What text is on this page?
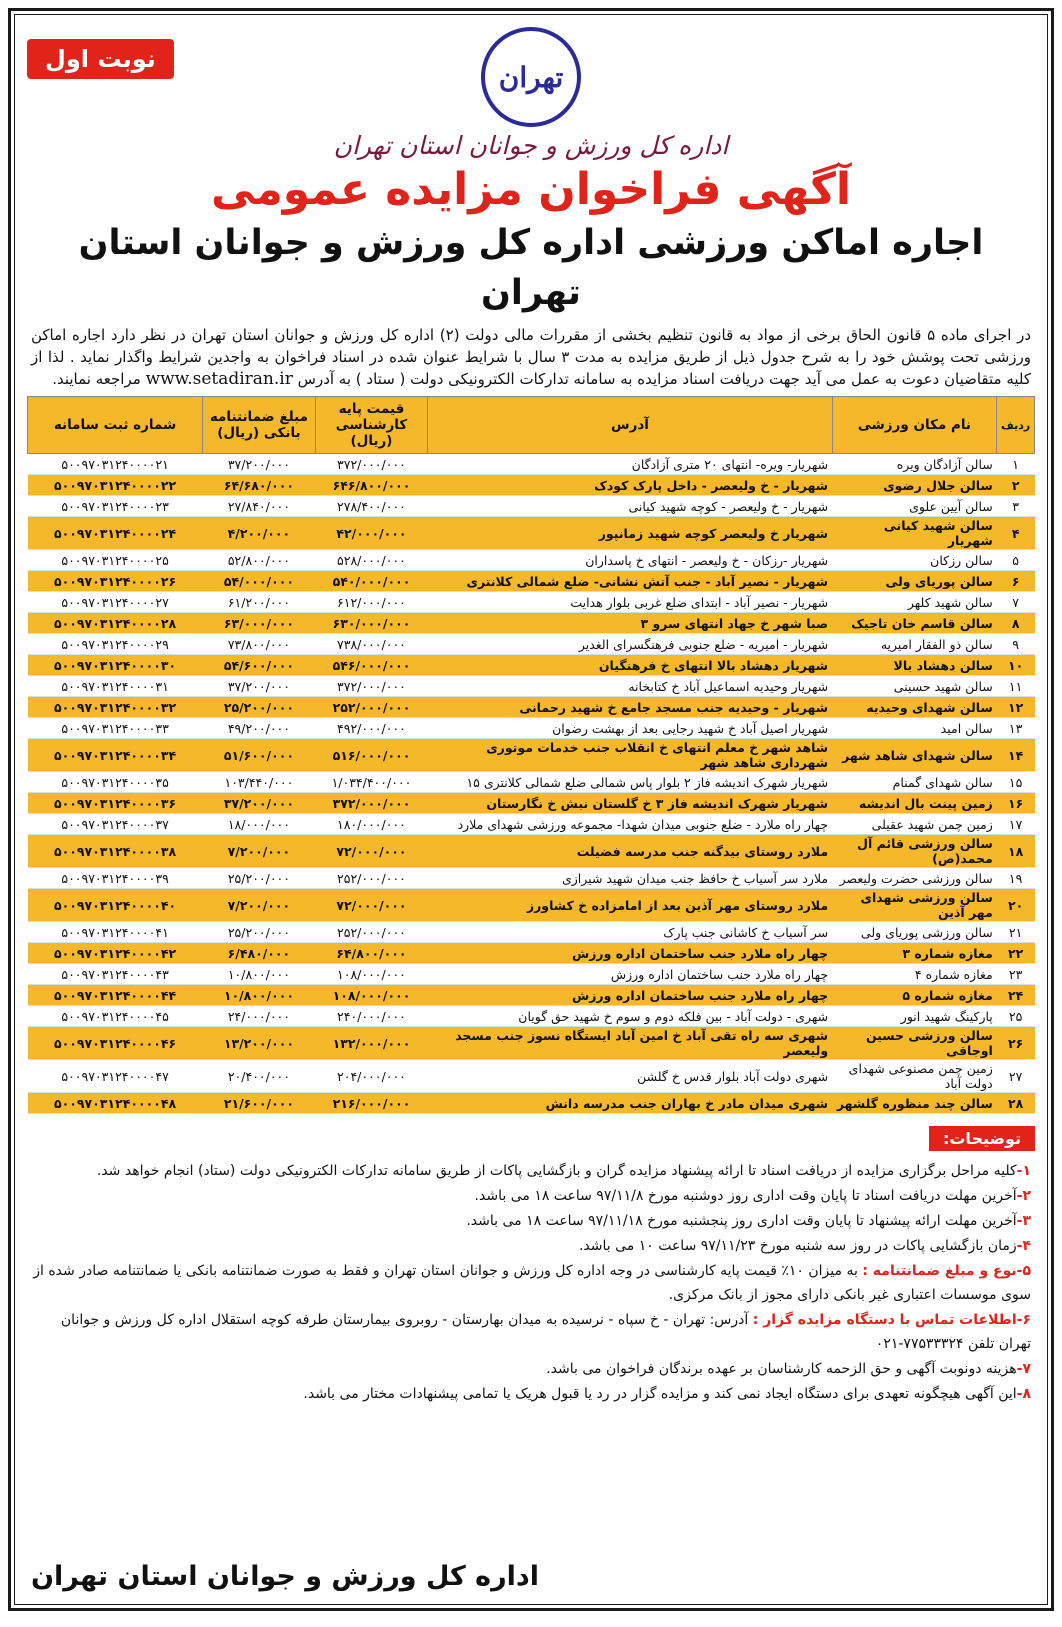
نوبت اول
تهران
اداره کل ورزش و جوانان استان تهران
آگهی فراخوان مزایده عمومی
اجاره اماکن ورزشی اداره کل ورزش و جوانان استان تهران

در اجرای ماده ۵ قانون الحاق برخی از مواد به قانون تنظیم بخشی از مقررات مالی دولت (۲) اداره کل ورزش و جوانان استان تهران در نظر دارد اجاره اماکن ورزشی تحت پوشش خود را به شرح جدول ذیل از طریق مزایده به مدت ۳ سال با شرایط عنوان شده در اسناد فراخوان به واجدین شرایط واگذار نماید . لذا از کلیه متقاضیان دعوت به عمل می آید جهت دریافت اسناد مزایده به سامانه تدارکات الکترونیکی دولت ( ستاد ) به آدرس www.setadiran.ir مراجعه نمایند.

ردیف	نام مکان ورزشی	آدرس	قیمت پایه کارشناسی (ریال)	مبلغ ضمانتنامه بانکی (ریال)	شماره ثبت سامانه
۱	سالن آزادگان ویره	شهریار- ویره- انتهای ۲۰ متری آزادگان	۳۷۲/۰۰۰/۰۰۰	۳۷/۲۰۰/۰۰۰	۵۰۰۹۷۰۳۱۲۴۰۰۰۰۲۱
۲	سالن جلال رضوی	شهریار - خ ولیعصر - داخل پارک کودک	۶۴۶/۸۰۰/۰۰۰	۶۴/۶۸۰/۰۰۰	۵۰۰۹۷۰۳۱۲۴۰۰۰۰۲۲
۳	سالن آیین علوی	شهریار - خ ولیعصر - کوچه شهید کیانی	۲۷۸/۴۰۰/۰۰۰	۲۷/۸۴۰/۰۰۰	۵۰۰۹۷۰۳۱۲۴۰۰۰۰۲۳
۴	سالن شهید کیانی شهریار	شهریار خ ولیعصر کوچه شهید زمانپور	۴۲/۰۰۰/۰۰۰	۴/۲۰۰/۰۰۰	۵۰۰۹۷۰۳۱۲۴۰۰۰۰۲۴
۵	سالن رزکان	شهریار -رزکان - خ ولیعصر - انتهای خ پاسداران	۵۲۸/۰۰۰/۰۰۰	۵۲/۸۰۰/۰۰۰	۵۰۰۹۷۰۳۱۲۴۰۰۰۰۲۵
۶	سالن پوریای ولی	شهریار - نصیر آباد - جنب آتش نشانی- ضلع شمالی کلانتری	۵۴۰/۰۰۰/۰۰۰	۵۴/۰۰۰/۰۰۰	۵۰۰۹۷۰۳۱۲۴۰۰۰۰۲۶
۷	سالن شهید کلهر	شهریار - نصیر آباد - ابتدای ضلع غربی بلوار هدایت	۶۱۲/۰۰۰/۰۰۰	۶۱/۲۰۰/۰۰۰	۵۰۰۹۷۰۳۱۲۴۰۰۰۰۲۷
۸	سالن قاسم خان تاجیک	صبا شهر خ جهاد انتهای سرو ۳	۶۳۰/۰۰۰/۰۰۰	۶۳/۰۰۰/۰۰۰	۵۰۰۹۷۰۳۱۲۴۰۰۰۰۲۸
۹	سالن ذو الفقار امیریه	شهریار - امیریه - ضلع جنوبی فرهنگسرای الغدیر	۷۳۸/۰۰۰/۰۰۰	۷۳/۸۰۰/۰۰۰	۵۰۰۹۷۰۳۱۲۴۰۰۰۰۲۹
۱۰	سالن دهشاد بالا	شهریار دهشاد بالا انتهای خ فرهنگیان	۵۴۶/۰۰۰/۰۰۰	۵۴/۶۰۰/۰۰۰	۵۰۰۹۷۰۳۱۲۴۰۰۰۰۳۰
۱۱	سالن شهید حسینی	شهریار وحیدیه اسماعیل آباد خ کتابخانه	۳۷۲/۰۰۰/۰۰۰	۳۷/۲۰۰/۰۰۰	۵۰۰۹۷۰۳۱۲۴۰۰۰۰۳۱
۱۲	سالن شهدای وحیدیه	شهریار - وحیدیه جنب مسجد جامع خ شهید رحمانی	۲۵۲/۰۰۰/۰۰۰	۲۵/۲۰۰/۰۰۰	۵۰۰۹۷۰۳۱۲۴۰۰۰۰۳۲
۱۳	سالن امید	شهریار اصیل آباد خ شهید رجایی بعد از بهشت رضوان	۴۹۲/۰۰۰/۰۰۰	۴۹/۲۰۰/۰۰۰	۵۰۰۹۷۰۳۱۲۴۰۰۰۰۳۳
۱۴	سالن شهدای شاهد شهر	شاهد شهر خ معلم انتهای خ انقلاب جنب خدمات موتوری شهرداری شاهد شهر	۵۱۶/۰۰۰/۰۰۰	۵۱/۶۰۰/۰۰۰	۵۰۰۹۷۰۳۱۲۴۰۰۰۰۳۴
۱۵	سالن شهدای گمنام	شهریار شهرک اندیشه فاز ۲ بلوار پاس شمالی ضلع شمالی کلانتری ۱۵	۱/۰۳۴/۴۰۰/۰۰۰	۱۰۳/۴۴۰/۰۰۰	۵۰۰۹۷۰۳۱۲۴۰۰۰۰۳۵
۱۶	زمین پینت بال اندیشه	شهریار شهرک اندیشه فاز ۳ خ گلستان نبش خ نگارستان	۳۷۲/۰۰۰/۰۰۰	۳۷/۲۰۰/۰۰۰	۵۰۰۹۷۰۳۱۲۴۰۰۰۰۳۶
۱۷	زمین چمن شهید عقیلی	چهار راه ملارد - ضلع جنوبی میدان شهدا- مجموعه ورزشی شهدای ملارد	۱۸۰/۰۰۰/۰۰۰	۱۸/۰۰۰/۰۰۰	۵۰۰۹۷۰۳۱۲۴۰۰۰۰۳۷
۱۸	سالن ورزشی قائم آل محمد(ص)	ملارد روستای بیدگنه جنب مدرسه فضیلت	۷۲/۰۰۰/۰۰۰	۷/۲۰۰/۰۰۰	۵۰۰۹۷۰۳۱۲۴۰۰۰۰۳۸
۱۹	سالن ورزشی حضرت ولیعصر	ملارد سر آسیاب خ حافظ جنب میدان شهید شیرازی	۲۵۲/۰۰۰/۰۰۰	۲۵/۲۰۰/۰۰۰	۵۰۰۹۷۰۳۱۲۴۰۰۰۰۳۹
۲۰	سالن ورزشی شهدای مهر آذین	ملارد روستای مهر آذین بعد از امامزاده خ کشاورز	۷۲/۰۰۰/۰۰۰	۷/۲۰۰/۰۰۰	۵۰۰۹۷۰۳۱۲۴۰۰۰۰۴۰
۲۱	سالن ورزشی پوریای ولی	سر آسیاب خ کاشانی جنب پارک	۲۵۲/۰۰۰/۰۰۰	۲۵/۲۰۰/۰۰۰	۵۰۰۹۷۰۳۱۲۴۰۰۰۰۴۱
۲۲	مغازه شماره ۳	چهار راه ملارد جنب ساختمان اداره ورزش	۶۴/۸۰۰/۰۰۰	۶/۴۸۰/۰۰۰	۵۰۰۹۷۰۳۱۲۴۰۰۰۰۴۲
۲۳	مغازه شماره ۴	چهار راه ملارد جنب ساختمان اداره ورزش	۱۰۸/۰۰۰/۰۰۰	۱۰/۸۰۰/۰۰۰	۵۰۰۹۷۰۳۱۲۴۰۰۰۰۴۳
۲۴	مغازه شماره ۵	چهار راه ملارد جنب ساختمان اداره ورزش	۱۰۸/۰۰۰/۰۰۰	۱۰/۸۰۰/۰۰۰	۵۰۰۹۷۰۳۱۲۴۰۰۰۰۴۴
۲۵	پارکینگ شهید انور	شهری - دولت آباد - بین فلکه دوم و سوم خ شهید حق گویان	۲۴۰/۰۰۰/۰۰۰	۲۴/۰۰۰/۰۰۰	۵۰۰۹۷۰۳۱۲۴۰۰۰۰۴۵
۲۶	سالن ورزشی حسین اوجاقی	شهری سه راه تقی آباد خ امین آباد ایستگاه نسوز جنب مسجد ولیعصر	۱۳۲/۰۰۰/۰۰۰	۱۳/۲۰۰/۰۰۰	۵۰۰۹۷۰۳۱۲۴۰۰۰۰۴۶
۲۷	زمین چمن مصنوعی شهدای دولت آباد	شهری دولت آباد بلوار قدس خ گلشن	۲۰۴/۰۰۰/۰۰۰	۲۰/۴۰۰/۰۰۰	۵۰۰۹۷۰۳۱۲۴۰۰۰۰۴۷
۲۸	سالن چند منظوره گلشهر	شهری میدان مادر خ بهاران جنب مدرسه دانش	۲۱۶/۰۰۰/۰۰۰	۲۱/۶۰۰/۰۰۰	۵۰۰۹۷۰۳۱۲۴۰۰۰۰۴۸
توضیحات:
۱-کلیه مراحل برگزاری مزایده از دریافت اسناد تا ارائه پیشنهاد مزایده گران و بازگشایی پاکات از طریق سامانه تدارکات الکترونیکی دولت (ستاد) انجام خواهد شد.
۲-آخرین مهلت دریافت اسناد تا پایان وقت اداری روز دوشنبه مورخ ۹۷/۱۱/۸ ساعت ۱۸ می باشد.
۳-آخرین مهلت ارائه پیشنهاد تا پایان وقت اداری روز پنجشنبه مورخ ۹۷/۱۱/۱۸ ساعت ۱۸ می باشد.
۴-زمان بازگشایی پاکات در روز سه شنبه مورخ ۹۷/۱۱/۲۳ ساعت ۱۰ می باشد.
۵-نوع و مبلغ ضمانتنامه : به میزان ۱۰٪ قیمت پایه کارشناسی در وجه اداره کل ورزش و جوانان استان تهران و فقط به صورت ضمانتنامه بانکی یا ضمانتنامه صادر شده از سوی موسسات اعتباری غیر بانکی دارای مجوز از بانک مرکزی.
۶-اطلاعات تماس با دستگاه مزایده گزار : آدرس: تهران - خ سپاه - نرسیده به میدان بهارستان - روبروی بیمارستان طرفه کوچه استقلال اداره کل ورزش و جوانان تهران تلفن ۷۷۵۳۳۳۲۴-۰۲۱
۷-هزینه دونوبت آگهی و حق الزحمه کارشناسان بر عهده برندگان فراخوان می باشد.
۸-این آگهی هیچگونه تعهدی برای دستگاه ایجاد نمی کند و مزایده گزار در رد یا قبول هریک یا تمامی پیشنهادات مختار می باشد.
اداره کل ورزش و جوانان استان تهران
